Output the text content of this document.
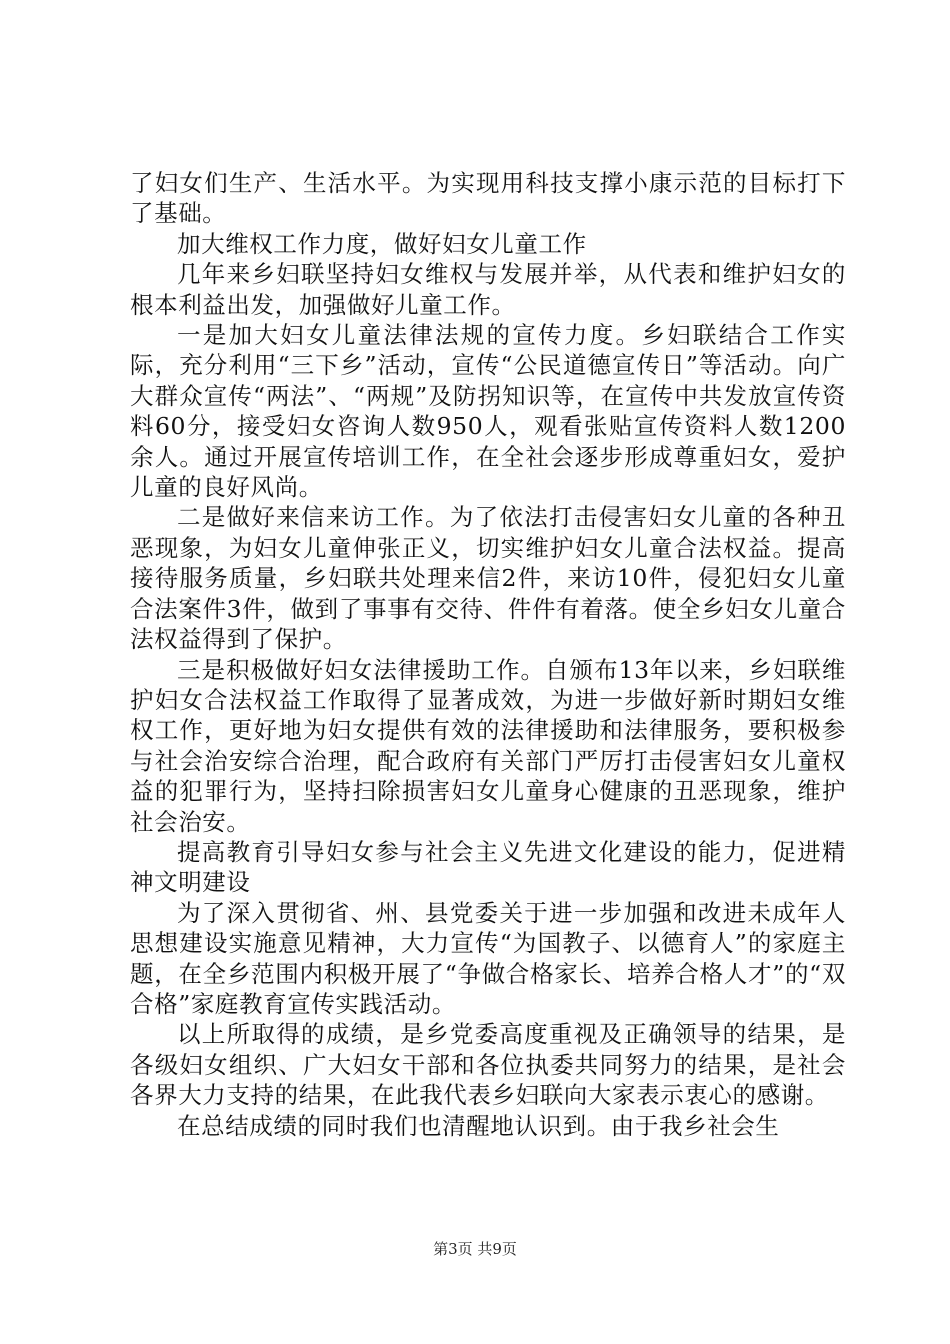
了妇女们生产、生活水平。为实现用科技支撑小康示范的目标打下了基础。

加大维权工作力度，做好妇女儿童工作

几年来乡妇联坚持妇女维权与发展并举，从代表和维护妇女的根本利益出发，加强做好儿童工作。

一是加大妇女儿童法律法规的宣传力度。乡妇联结合工作实际，充分利用“三下乡”活动，宣传“公民道德宣传日”等活动。向广大群众宣传“两法”、“两规”及防拐知识等，在宣传中共发放宣传资料60分，接受妇女咨询人数950人，观看张贴宣传资料人数1200余人。通过开展宣传培训工作，在全社会逐步形成尊重妇女，爱护儿童的良好风尚。

二是做好来信来访工作。为了依法打击侵害妇女儿童的各种丑恶现象，为妇女儿童伸张正义，切实维护妇女儿童合法权益。提高接待服务质量，乡妇联共处理来信2件，来访10件，侵犯妇女儿童合法案件3件，做到了事事有交待、件件有着落。使全乡妇女儿童合法权益得到了保护。

三是积极做好妇女法律援助工作。自颁布13年以来，乡妇联维护妇女合法权益工作取得了显著成效，为进一步做好新时期妇女维权工作，更好地为妇女提供有效的法律援助和法律服务，要积极参与社会治安综合治理，配合政府有关部门严厉打击侵害妇女儿童权益的犯罪行为，坚持扫除损害妇女儿童身心健康的丑恶现象，维护社会治安。

提高教育引导妇女参与社会主义先进文化建设的能力，促进精神文明建设

为了深入贯彻省、州、县党委关于进一步加强和改进未成年人思想建设实施意见精神，大力宣传“为国教子、以德育人”的家庭主题，在全乡范围内积极开展了“争做合格家长、培养合格人才”的“双合格”家庭教育宣传实践活动。

以上所取得的成绩，是乡党委高度重视及正确领导的结果，是各级妇女组织、广大妇女干部和各位执委共同努力的结果，是社会各界大力支持的结果，在此我代表乡妇联向大家表示衷心的感谢。

在总结成绩的同时我们也清醒地认识到。由于我乡社会生

第3页 共9页
